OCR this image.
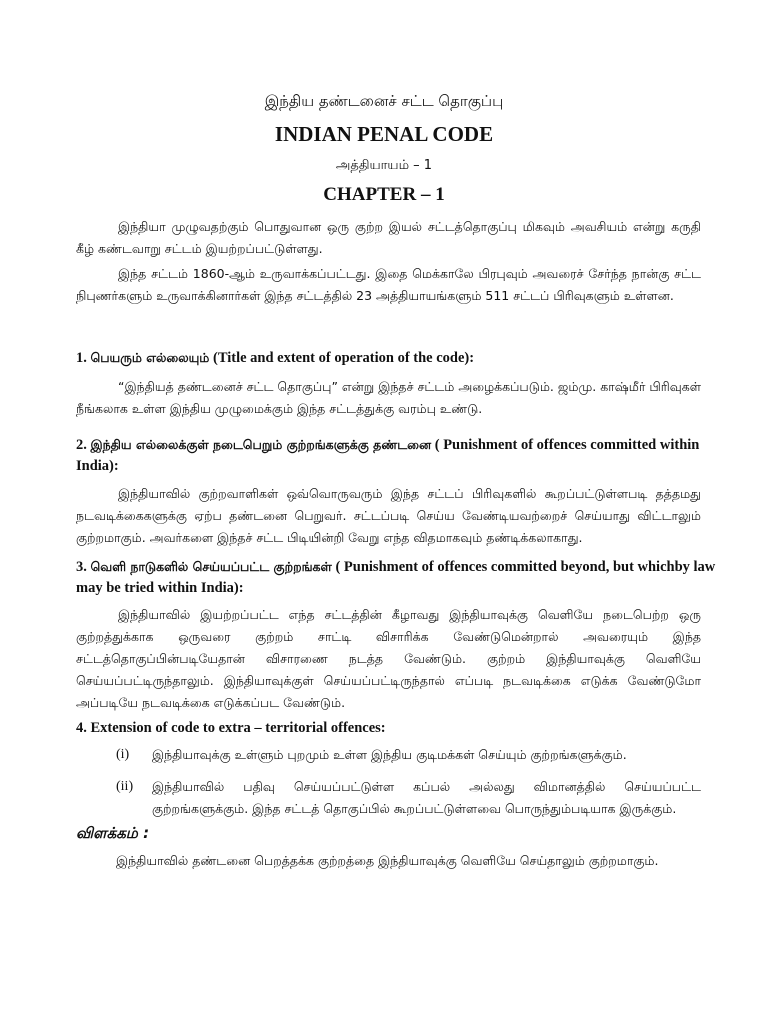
இந்திய தண்டனைச் சட்ட தொகுப்பு
INDIAN PENAL CODE
அத்தியாயம் – 1
CHAPTER – 1

இந்தியா முழுவதற்கும் பொதுவான ஒரு குற்ற இயல் சட்டத்தொகுப்பு மிகவும் அவசியம் என்று கருதி கீழ் கண்டவாறு சட்டம் இயற்றப்பட்டுள்ளது.

இந்த சட்டம் 1860-ஆம் உருவாக்கப்பட்டது. இதை மெக்காலே பிரபுவும் அவரைச் சேர்ந்த நான்கு சட்ட நிபுணர்களும் உருவாக்கினார்கள் இந்த சட்டத்தில் 23 அத்தியாயங்களும் 511 சட்டப் பிரிவுகளும் உள்ளன.

1. பெயரும் எல்லையும் (Title and extent of operation of the code):

“இந்தியத் தண்டனைச் சட்ட தொகுப்பு” என்று இந்தச் சட்டம் அழைக்கப்படும். ஜம்மு. காஷ்மீர் பிரிவுகள் நீங்கலாக உள்ள இந்திய முழுமைக்கும் இந்த சட்டத்துக்கு வரம்பு உண்டு.

2. இந்திய எல்லைக்குள் நடைபெறும் குற்றங்களுக்கு தண்டனை ( Punishment of offences committed within India):

இந்தியாவில் குற்றவாளிகள் ஒவ்வொருவரும் இந்த சட்டப் பிரிவுகளில் கூறப்பட்டுள்ளபடி தத்தமது நடவடிக்கைகளுக்கு ஏற்ப தண்டனை பெறுவர். சட்டப்படி செய்ய வேண்டியவற்றைச் செய்யாது விட்டாலும் குற்றமாகும். அவர்களை இந்தச் சட்ட பிடியின்றி வேறு எந்த விதமாகவும் தண்டிக்கலாகாது.

3. வெளி நாடுகளில் செய்யப்பட்ட குற்றங்கள் ( Punishment of offences committed beyond, but whichby law may be tried within India):

இந்தியாவில் இயற்றப்பட்ட எந்த சட்டத்தின் கீழாவது இந்தியாவுக்கு வெளியே நடைபெற்ற ஒரு குற்றத்துக்காக ஒருவரை குற்றம் சாட்டி விசாரிக்க வேண்டுமென்றால் அவரையும் இந்த சட்டத்தொகுப்பின்படியேதான் விசாரணை நடத்த வேண்டும். குற்றம் இந்தியாவுக்கு வெளியே செய்யப்பட்டிருந்தாலும். இந்தியாவுக்குள் செய்யப்பட்டிருந்தால் எப்படி நடவடிக்கை எடுக்க வேண்டுமோ அப்படியே நடவடிக்கை எடுக்கப்பட வேண்டும்.

4. Extension of code to extra – territorial offences:
(i) இந்தியாவுக்கு உள்ளும் புறமும் உள்ள இந்திய குடிமக்கள் செய்யும் குற்றங்களுக்கும்.
(ii) இந்தியாவில் பதிவு செய்யப்பட்டுள்ள கப்பல் அல்லது விமானத்தில் செய்யப்பட்ட குற்றங்களுக்கும். இந்த சட்டத் தொகுப்பில் கூறப்பட்டுள்ளவை பொருந்தும்படியாக இருக்கும்.
விளக்கம் :

இந்தியாவில் தண்டனை பெறத்தக்க குற்றத்தை இந்தியாவுக்கு வெளியே செய்தாலும் குற்றமாகும்.
